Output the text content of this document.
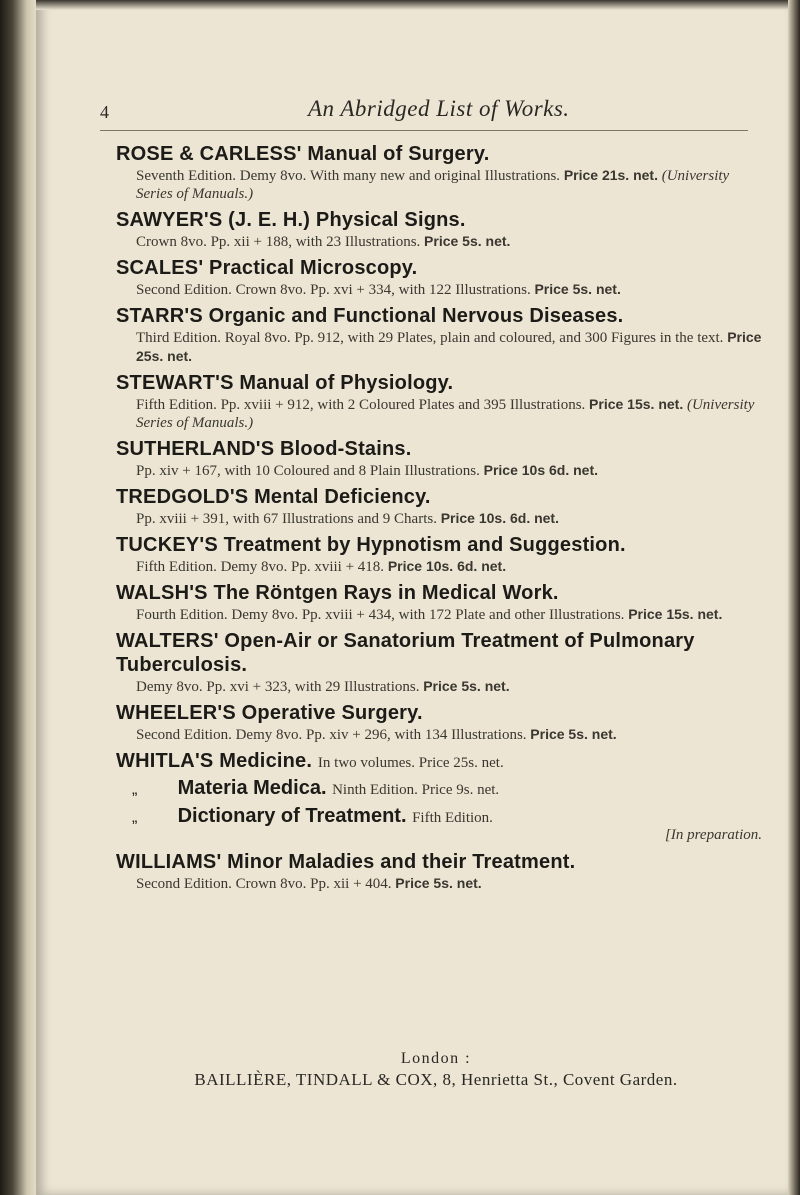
4	An Abridged List of Works.
ROSE & CARLESS' Manual of Surgery.
Seventh Edition. Demy 8vo. With many new and original Illustrations. Price 21s. net. (University Series of Manuals.)
SAWYER'S (J. E. H.) Physical Signs.
Crown 8vo. Pp. xii + 188, with 23 Illustrations. Price 5s. net.
SCALES' Practical Microscopy.
Second Edition. Crown 8vo. Pp. xvi + 334, with 122 Illustrations. Price 5s. net.
STARR'S Organic and Functional Nervous Diseases.
Third Edition. Royal 8vo. Pp. 912, with 29 Plates, plain and coloured, and 300 Figures in the text. Price 25s. net.
STEWART'S Manual of Physiology.
Fifth Edition. Pp. xviii + 912, with 2 Coloured Plates and 395 Illustrations. Price 15s. net. (University Series of Manuals.)
SUTHERLAND'S Blood-Stains.
Pp. xiv + 167, with 10 Coloured and 8 Plain Illustrations. Price 10s 6d. net.
TREDGOLD'S Mental Deficiency.
Pp. xviii + 391, with 67 Illustrations and 9 Charts. Price 10s. 6d. net.
TUCKEY'S Treatment by Hypnotism and Suggestion.
Fifth Edition. Demy 8vo. Pp. xviii + 418. Price 10s. 6d. net.
WALSH'S The Röntgen Rays in Medical Work.
Fourth Edition. Demy 8vo. Pp. xviii + 434, with 172 Plate and other Illustrations. Price 15s. net.
WALTERS' Open-Air or Sanatorium Treatment of Pulmonary Tuberculosis.
Demy 8vo. Pp. xvi + 323, with 29 Illustrations. Price 5s. net.
WHEELER'S Operative Surgery.
Second Edition. Demy 8vo. Pp. xiv + 296, with 134 Illustrations. Price 5s. net.
WHITLA'S Medicine. In two volumes. Price 25s. net.
„ Materia Medica. Ninth Edition. Price 9s. net.
„ Dictionary of Treatment. Fifth Edition.
[In preparation.
WILLIAMS' Minor Maladies and their Treatment.
Second Edition. Crown 8vo. Pp. xii + 404. Price 5s. net.
London :
BAILLIÈRE, TINDALL & COX, 8, Henrietta St., Covent Garden.
